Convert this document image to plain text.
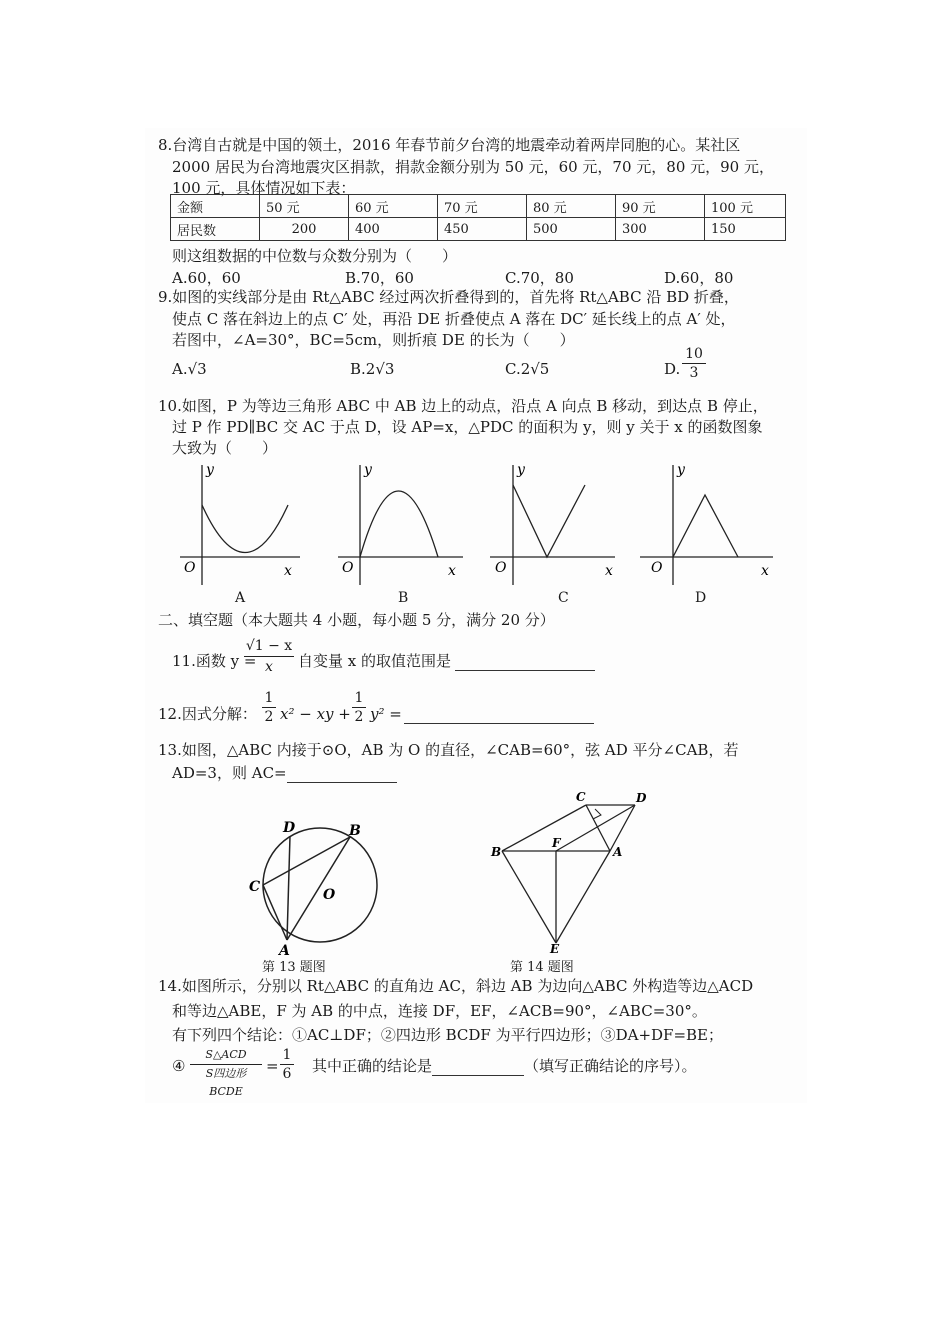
8.台湾自古就是中国的领土，2016 年春节前夕台湾的地震牵动着两岸同胞的心。某社区
2000 居民为台湾地震灾区捐款，捐款金额分别为 50 元，60 元，70 元，80 元，90 元，
100 元，具体情况如下表：
金额	50 元	60 元	70 元	80 元	90 元	100 元
居民数	200	400	450	500	300	150
则这组数据的中位数与众数分别为（　　）
A.60，60	B.70，60	C.70，80	D.60，80
9.如图的实线部分是由 Rt△ABC 经过两次折叠得到的，首先将 Rt△ABC 沿 BD 折叠，
使点 C 落在斜边上的点 C′ 处，再沿 DE 折叠使点 A 落在 DC′ 延长线上的点 A′ 处，
若图中，∠A=30°，BC=5cm，则折痕 DE 的长为（　　）
A.√3	B.2√3	C.2√5	D. $\frac{10}{3}$
10.如图，P 为等边三角形 ABC 中 AB 边上的动点，沿点 A 向点 B 移动，到达点 B 停止，
过 P 作 PD∥BC 交 AC 于点 D，设 AP=x，△PDC 的面积为 y，则 y 关于 x 的函数图象
大致为（　　）
y
x
O
A
y
x
O
B
y
x
O
C
y
x
O
D
二、填空题（本大题共 4 小题，每小题 5 分，满分 20 分）
11.函数 y =
$\frac{√1 - x}{x}$ 自变量 x 的取值范围是
12.因式分解： $\frac{1}{2} x^2$ − xy + $\frac{1}{2} y^2$ =
13.如图，△ABC 内接于⊙O，AB 为 O 的直径，∠CAB=60°，弦 AD 平分∠CAB，若
AD=3，则 AC=
D	B
C	O
A
第 13 题图
C	D
B
F
A
E
第 14 题图
14.如图所示，分别以 Rt△ABC 的直角边 AC，斜边 AB 为边向△ABC 外构造等边△ACD
和等边△ABE，F 为 AB 的中点，连接 DF，EF，∠ACB=90°，∠ABC=30°。
有下列四个结论：①AC⊥DF；②四边形 BCDF 为平行四边形；③DA+DF=BE；
④
S△ACD
S四边形 BCDE
= $\frac{1}{6}$ 其中正确的结论是	（填写正确结论的序号）。
